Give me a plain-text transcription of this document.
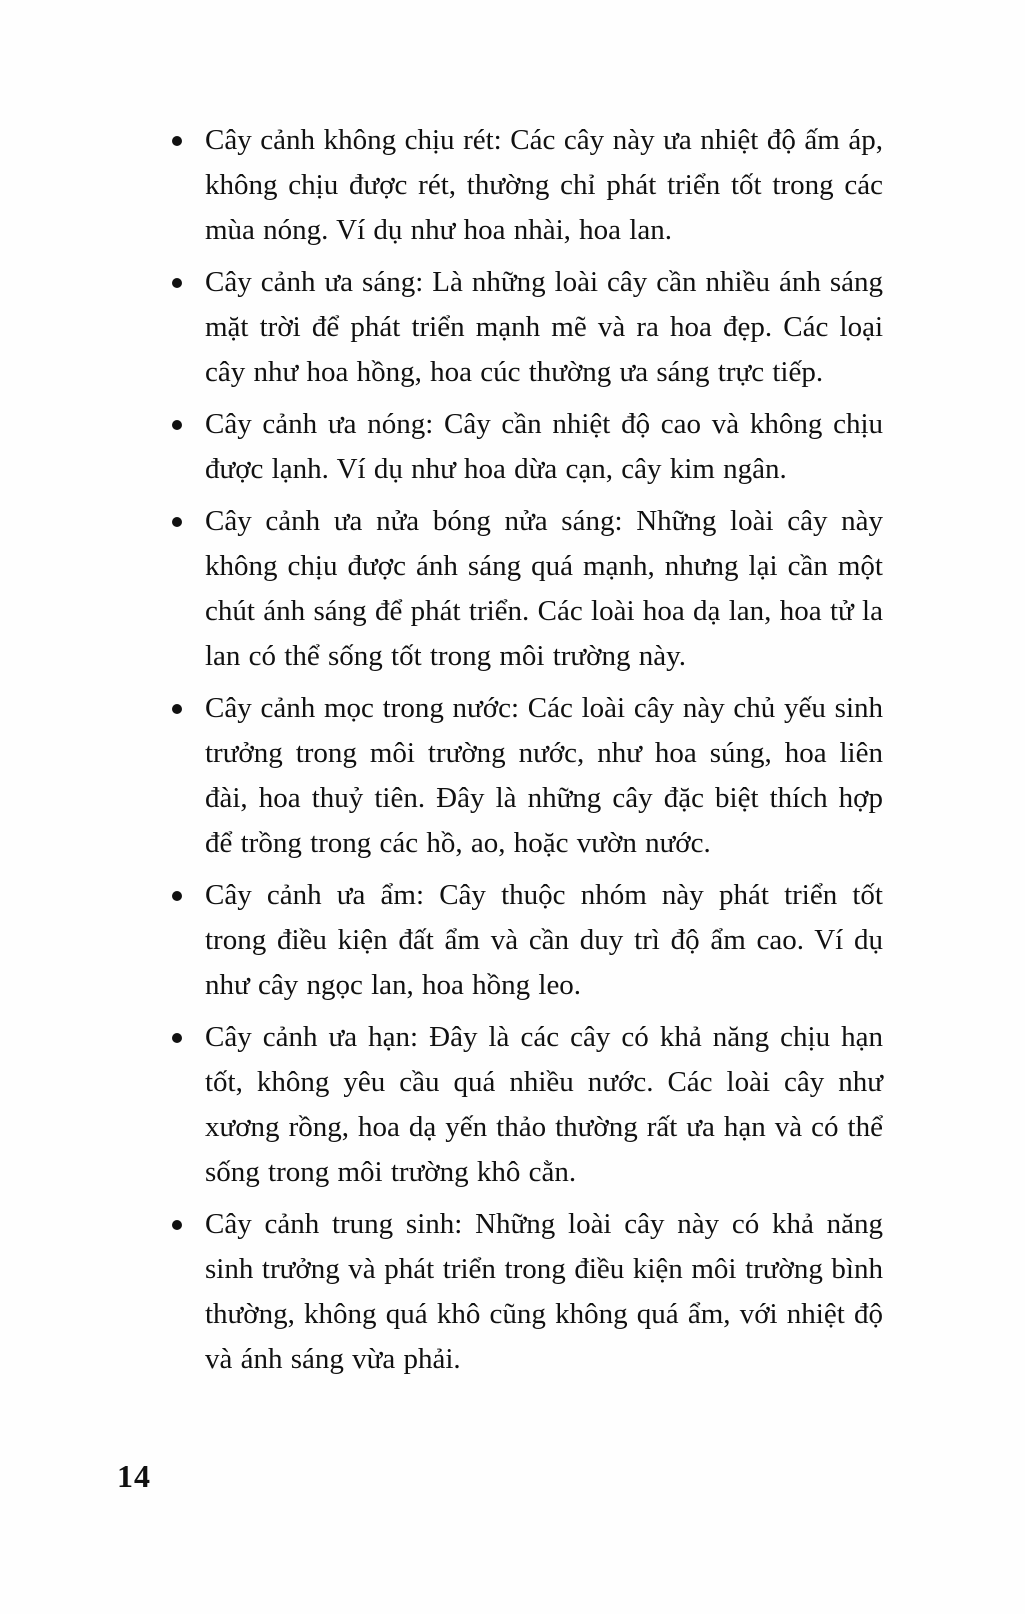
Cây cảnh không chịu rét: Các cây này ưa nhiệt độ ấm áp, không chịu được rét, thường chỉ phát triển tốt trong các mùa nóng. Ví dụ như hoa nhài, hoa lan.
Cây cảnh ưa sáng: Là những loài cây cần nhiều ánh sáng mặt trời để phát triển mạnh mẽ và ra hoa đẹp. Các loại cây như hoa hồng, hoa cúc thường ưa sáng trực tiếp.
Cây cảnh ưa nóng: Cây cần nhiệt độ cao và không chịu được lạnh. Ví dụ như hoa dừa cạn, cây kim ngân.
Cây cảnh ưa nửa bóng nửa sáng: Những loài cây này không chịu được ánh sáng quá mạnh, nhưng lại cần một chút ánh sáng để phát triển. Các loài hoa dạ lan, hoa tử la lan có thể sống tốt trong môi trường này.
Cây cảnh mọc trong nước: Các loài cây này chủ yếu sinh trưởng trong môi trường nước, như hoa súng, hoa liên đài, hoa thuỷ tiên. Đây là những cây đặc biệt thích hợp để trồng trong các hồ, ao, hoặc vườn nước.
Cây cảnh ưa ẩm: Cây thuộc nhóm này phát triển tốt trong điều kiện đất ẩm và cần duy trì độ ẩm cao. Ví dụ như cây ngọc lan, hoa hồng leo.
Cây cảnh ưa hạn: Đây là các cây có khả năng chịu hạn tốt, không yêu cầu quá nhiều nước. Các loài cây như xương rồng, hoa dạ yến thảo thường rất ưa hạn và có thể sống trong môi trường khô cằn.
Cây cảnh trung sinh: Những loài cây này có khả năng sinh trưởng và phát triển trong điều kiện môi trường bình thường, không quá khô cũng không quá ẩm, với nhiệt độ và ánh sáng vừa phải.
14
